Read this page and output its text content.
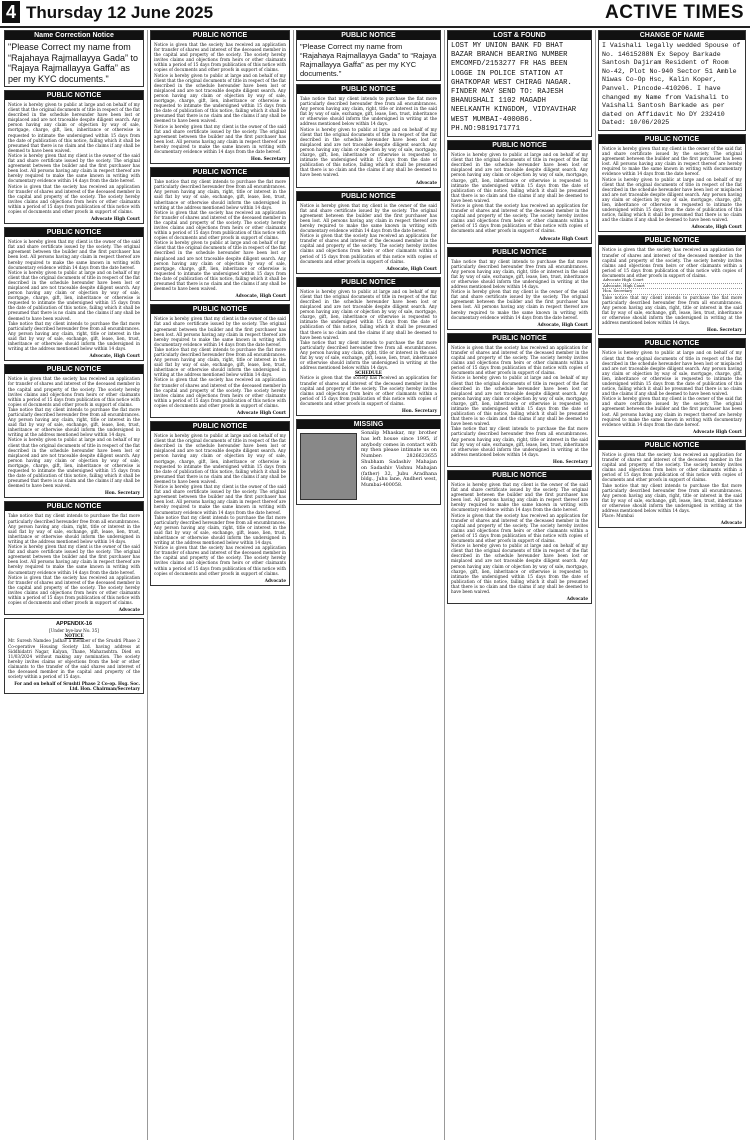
4 Thursday 12 June 2025	ACTIVE TIMES
Name Correction Notice
"Please Correct my name from “Rajahaya Rajmallayya Gada” to “Rajaya Rajmallayya Gaffa” as per my KYC documents."
PUBLIC NOTICE
Notice is hereby given to public at large and on behalf of my client that the original documents of title in respect of the flat described in the schedule hereunder have been lost or misplaced and are not traceable despite diligent search. Any person having any claim or objection by way of sale, mortgage, charge, gift, lien, inheritance or otherwise is requested to intimate the undersigned within 15 days from the date of publication of this notice, failing which it shall be presumed that there is no claim and the claims if any shall be deemed to have been waived.
Notice is hereby given that my client is the owner of the said flat and share certificate issued by the society. The original agreement between the builder and the first purchaser has been lost. All persons having any claim in respect thereof are hereby required to make the same known in writing with documentary evidence within 14 days from the date hereof.
Notice is given that the society has received an application for transfer of shares and interest of the deceased member in the capital and property of the society. The society hereby invites claims and objections from heirs or other claimants within a period of 15 days from publication of this notice with copies of documents and other proofs in support of claims.
Advocate High Court
PUBLIC NOTICE
Notice is hereby given that my client is the owner of the said flat and share certificate issued by the society. The original agreement between the builder and the first purchaser has been lost. All persons having any claim in respect thereof are hereby required to make the same known in writing with documentary evidence within 14 days from the date hereof.
Notice is hereby given to public at large and on behalf of my client that the original documents of title in respect of the flat described in the schedule hereunder have been lost or misplaced and are not traceable despite diligent search. Any person having any claim or objection by way of sale, mortgage, charge, gift, lien, inheritance or otherwise is requested to intimate the undersigned within 15 days from the date of publication of this notice, failing which it shall be presumed that there is no claim and the claims if any shall be deemed to have been waived.
Take notice that my client intends to purchase the flat more particularly described hereunder free from all encumbrances. Any person having any claim, right, title or interest in the said flat by way of sale, exchange, gift, lease, lien, trust, inheritance or otherwise should inform the undersigned in writing at the address mentioned below within 14 days.
Advocate, High Court
PUBLIC NOTICE
Notice is given that the society has received an application for transfer of shares and interest of the deceased member in the capital and property of the society. The society hereby invites claims and objections from heirs or other claimants within a period of 15 days from publication of this notice with copies of documents and other proofs in support of claims.
Take notice that my client intends to purchase the flat more particularly described hereunder free from all encumbrances. Any person having any claim, right, title or interest in the said flat by way of sale, exchange, gift, lease, lien, trust, inheritance or otherwise should inform the undersigned in writing at the address mentioned below within 14 days.
Notice is hereby given to public at large and on behalf of my client that the original documents of title in respect of the flat described in the schedule hereunder have been lost or misplaced and are not traceable despite diligent search. Any person having any claim or objection by way of sale, mortgage, charge, gift, lien, inheritance or otherwise is requested to intimate the undersigned within 15 days from the date of publication of this notice, failing which it shall be presumed that there is no claim and the claims if any shall be deemed to have been waived.
Hon. Secretary
PUBLIC NOTICE
Take notice that my client intends to purchase the flat more particularly described hereunder free from all encumbrances. Any person having any claim, right, title or interest in the said flat by way of sale, exchange, gift, lease, lien, trust, inheritance or otherwise should inform the undersigned in writing at the address mentioned below within 14 days.
Notice is hereby given that my client is the owner of the said flat and share certificate issued by the society. The original agreement between the builder and the first purchaser has been lost. All persons having any claim in respect thereof are hereby required to make the same known in writing with documentary evidence within 14 days from the date hereof.
Notice is given that the society has received an application for transfer of shares and interest of the deceased member in the capital and property of the society. The society hereby invites claims and objections from heirs or other claimants within a period of 15 days from publication of this notice with copies of documents and other proofs in support of claims.
Advocate
APPENDIX-16
[Under bye-law No. 35]
NOTICE
Mr. Suresh Namdeo Jadhav a member of the Srushti Phase 2 Co-operative Housing Society Ltd. having address at Siddhidatri Nagar, Kalyan, Thane, Maharashtra. Died on 11/03/2024 without making any nomination. The society hereby invites claims or objections from the heir or other claimants to the transfer of the said shares and interest of the deceased member in the capital and property of the society within a period of 15 days.
For and on behalf of Srushti Phase 2 Co-op. Hsg. Soc. Ltd. Hon. Chairman/Secretary
PUBLIC NOTICE
Notice is given that the society has received an application for transfer of shares and interest of the deceased member in the capital and property of the society. The society hereby invites claims and objections from heirs or other claimants within a period of 15 days from publication of this notice with copies of documents and other proofs in support of claims.
Notice is hereby given to public at large and on behalf of my client that the original documents of title in respect of the flat described in the schedule hereunder have been lost or misplaced and are not traceable despite diligent search. Any person having any claim or objection by way of sale, mortgage, charge, gift, lien, inheritance or otherwise is requested to intimate the undersigned within 15 days from the date of publication of this notice, failing which it shall be presumed that there is no claim and the claims if any shall be deemed to have been waived.
Notice is hereby given that my client is the owner of the said flat and share certificate issued by the society. The original agreement between the builder and the first purchaser has been lost. All persons having any claim in respect thereof are hereby required to make the same known in writing with documentary evidence within 14 days from the date hereof.
Hon. Secretary
PUBLIC NOTICE
Take notice that my client intends to purchase the flat more particularly described hereunder free from all encumbrances. Any person having any claim, right, title or interest in the said flat by way of sale, exchange, gift, lease, lien, trust, inheritance or otherwise should inform the undersigned in writing at the address mentioned below within 14 days.
Notice is given that the society has received an application for transfer of shares and interest of the deceased member in the capital and property of the society. The society hereby invites claims and objections from heirs or other claimants within a period of 15 days from publication of this notice with copies of documents and other proofs in support of claims.
Notice is hereby given to public at large and on behalf of my client that the original documents of title in respect of the flat described in the schedule hereunder have been lost or misplaced and are not traceable despite diligent search. Any person having any claim or objection by way of sale, mortgage, charge, gift, lien, inheritance or otherwise is requested to intimate the undersigned within 15 days from the date of publication of this notice, failing which it shall be presumed that there is no claim and the claims if any shall be deemed to have been waived.
Advocate, High Court
PUBLIC NOTICE
Notice is hereby given that my client is the owner of the said flat and share certificate issued by the society. The original agreement between the builder and the first purchaser has been lost. All persons having any claim in respect thereof are hereby required to make the same known in writing with documentary evidence within 14 days from the date hereof.
Take notice that my client intends to purchase the flat more particularly described hereunder free from all encumbrances. Any person having any claim, right, title or interest in the said flat by way of sale, exchange, gift, lease, lien, trust, inheritance or otherwise should inform the undersigned in writing at the address mentioned below within 14 days.
Notice is given that the society has received an application for transfer of shares and interest of the deceased member in the capital and property of the society. The society hereby invites claims and objections from heirs or other claimants within a period of 15 days from publication of this notice with copies of documents and other proofs in support of claims.
Advocate High Court
PUBLIC NOTICE
Notice is hereby given to public at large and on behalf of my client that the original documents of title in respect of the flat described in the schedule hereunder have been lost or misplaced and are not traceable despite diligent search. Any person having any claim or objection by way of sale, mortgage, charge, gift, lien, inheritance or otherwise is requested to intimate the undersigned within 15 days from the date of publication of this notice, failing which it shall be presumed that there is no claim and the claims if any shall be deemed to have been waived.
Notice is hereby given that my client is the owner of the said flat and share certificate issued by the society. The original agreement between the builder and the first purchaser has been lost. All persons having any claim in respect thereof are hereby required to make the same known in writing with documentary evidence within 14 days from the date hereof.
Take notice that my client intends to purchase the flat more particularly described hereunder free from all encumbrances. Any person having any claim, right, title or interest in the said flat by way of sale, exchange, gift, lease, lien, trust, inheritance or otherwise should inform the undersigned in writing at the address mentioned below within 14 days.
Notice is given that the society has received an application for transfer of shares and interest of the deceased member in the capital and property of the society. The society hereby invites claims and objections from heirs or other claimants within a period of 15 days from publication of this notice with copies of documents and other proofs in support of claims.
Advocate
PUBLIC NOTICE
"Please Correct my name from “Rajahaya Rajmallayya Gada” to “Rajaya Rajmallayya Gaffa” as per my KYC documents."
PUBLIC NOTICE
Take notice that my client intends to purchase the flat more particularly described hereunder free from all encumbrances. Any person having any claim, right, title or interest in the said flat by way of sale, exchange, gift, lease, lien, trust, inheritance or otherwise should inform the undersigned in writing at the address mentioned below within 14 days.
Notice is hereby given to public at large and on behalf of my client that the original documents of title in respect of the flat described in the schedule hereunder have been lost or misplaced and are not traceable despite diligent search. Any person having any claim or objection by way of sale, mortgage, charge, gift, lien, inheritance or otherwise is requested to intimate the undersigned within 15 days from the date of publication of this notice, failing which it shall be presumed that there is no claim and the claims if any shall be deemed to have been waived.
Advocate
PUBLIC NOTICE
Notice is hereby given that my client is the owner of the said flat and share certificate issued by the society. The original agreement between the builder and the first purchaser has been lost. All persons having any claim in respect thereof are hereby required to make the same known in writing with documentary evidence within 14 days from the date hereof.
Notice is given that the society has received an application for transfer of shares and interest of the deceased member in the capital and property of the society. The society hereby invites claims and objections from heirs or other claimants within a period of 15 days from publication of this notice with copies of documents and other proofs in support of claims.
Advocate, High Court
PUBLIC NOTICE
Notice is hereby given to public at large and on behalf of my client that the original documents of title in respect of the flat described in the schedule hereunder have been lost or misplaced and are not traceable despite diligent search. Any person having any claim or objection by way of sale, mortgage, charge, gift, lien, inheritance or otherwise is requested to intimate the undersigned within 15 days from the date of publication of this notice, failing which it shall be presumed that there is no claim and the claims if any shall be deemed to have been waived.
Take notice that my client intends to purchase the flat more particularly described hereunder free from all encumbrances. Any person having any claim, right, title or interest in the said flat by way of sale, exchange, gift, lease, lien, trust, inheritance or otherwise should inform the undersigned in writing at the address mentioned below within 14 days.
SCHEDULE
Notice is given that the society has received an application for transfer of shares and interest of the deceased member in the capital and property of the society. The society hereby invites claims and objections from heirs or other claimants within a period of 15 days from publication of this notice with copies of documents and other proofs in support of claims.
Hon. Secretary
MISSING
Sonalip Mhaskar, my brother has left house since 1995, if anybody comes in contact with my then please intimate us on Number: 2826623655 Shubham Sadashiv Mahajan on Sadashiv Vishnu Mahajan (father) 32, Jubu Aradhana bldg., Juhu lane, Andheri west, Mumbai-400058.
LOST & FOUND
LOST MY UNION BANK FD BHAT BAZAR BRANCH BEARING NUMBER EMCOMFD/2153277 FR HAS BEEN LOGGE IN POLICE STATION AT GHATKOPAR WEST CHIRAG NAGAR. FINDER MAY SEND TO: RAJESH BHANUSHALI 1102 MAGADH NEELKANTH KINGDOM, VIDYAVIHAR WEST MUMBAI-400086. PH.NO:9819171771
PUBLIC NOTICE
Notice is hereby given to public at large and on behalf of my client that the original documents of title in respect of the flat described in the schedule hereunder have been lost or misplaced and are not traceable despite diligent search. Any person having any claim or objection by way of sale, mortgage, charge, gift, lien, inheritance or otherwise is requested to intimate the undersigned within 15 days from the date of publication of this notice, failing which it shall be presumed that there is no claim and the claims if any shall be deemed to have been waived.
Notice is given that the society has received an application for transfer of shares and interest of the deceased member in the capital and property of the society. The society hereby invites claims and objections from heirs or other claimants within a period of 15 days from publication of this notice with copies of documents and other proofs in support of claims.
Advocate High Court
PUBLIC NOTICE
Take notice that my client intends to purchase the flat more particularly described hereunder free from all encumbrances. Any person having any claim, right, title or interest in the said flat by way of sale, exchange, gift, lease, lien, trust, inheritance or otherwise should inform the undersigned in writing at the address mentioned below within 14 days.
Notice is hereby given that my client is the owner of the said flat and share certificate issued by the society. The original agreement between the builder and the first purchaser has been lost. All persons having any claim in respect thereof are hereby required to make the same known in writing with documentary evidence within 14 days from the date hereof.
Advocate, High Court
PUBLIC NOTICE
Notice is given that the society has received an application for transfer of shares and interest of the deceased member in the capital and property of the society. The society hereby invites claims and objections from heirs or other claimants within a period of 15 days from publication of this notice with copies of documents and other proofs in support of claims.
Notice is hereby given to public at large and on behalf of my client that the original documents of title in respect of the flat described in the schedule hereunder have been lost or misplaced and are not traceable despite diligent search. Any person having any claim or objection by way of sale, mortgage, charge, gift, lien, inheritance or otherwise is requested to intimate the undersigned within 15 days from the date of publication of this notice, failing which it shall be presumed that there is no claim and the claims if any shall be deemed to have been waived.
Take notice that my client intends to purchase the flat more particularly described hereunder free from all encumbrances. Any person having any claim, right, title or interest in the said flat by way of sale, exchange, gift, lease, lien, trust, inheritance or otherwise should inform the undersigned in writing at the address mentioned below within 14 days.
Hon. Secretary
PUBLIC NOTICE
Notice is hereby given that my client is the owner of the said flat and share certificate issued by the society. The original agreement between the builder and the first purchaser has been lost. All persons having any claim in respect thereof are hereby required to make the same known in writing with documentary evidence within 14 days from the date hereof.
Notice is given that the society has received an application for transfer of shares and interest of the deceased member in the capital and property of the society. The society hereby invites claims and objections from heirs or other claimants within a period of 15 days from publication of this notice with copies of documents and other proofs in support of claims.
Notice is hereby given to public at large and on behalf of my client that the original documents of title in respect of the flat described in the schedule hereunder have been lost or misplaced and are not traceable despite diligent search. Any person having any claim or objection by way of sale, mortgage, charge, gift, lien, inheritance or otherwise is requested to intimate the undersigned within 15 days from the date of publication of this notice, failing which it shall be presumed that there is no claim and the claims if any shall be deemed to have been waived.
Advocate
CHANGE OF NAME
I Vaishali legally wedded Spouse of No. 14615288N Ex Sepoy Barkade Santosh Dajiram Resident of Room No-42, Plot No-940 Sector 51 Amble Niwas Co-Op Hsc, Kalin Koper, Panvel. Pincode-410206. I have changed my Name from Vaishali to Vaishali Santosh Barkade as per dated on Affidavit No DY 232410 Dated: 10/06/2025
PUBLIC NOTICE
Notice is hereby given that my client is the owner of the said flat and share certificate issued by the society. The original agreement between the builder and the first purchaser has been lost. All persons having any claim in respect thereof are hereby required to make the same known in writing with documentary evidence within 14 days from the date hereof.
Notice is hereby given to public at large and on behalf of my client that the original documents of title in respect of the flat described in the schedule hereunder have been lost or misplaced and are not traceable despite diligent search. Any person having any claim or objection by way of sale, mortgage, charge, gift, lien, inheritance or otherwise is requested to intimate the undersigned within 15 days from the date of publication of this notice, failing which it shall be presumed that there is no claim and the claims if any shall be deemed to have been waived.
Advocate, High Court
PUBLIC NOTICE
Notice is given that the society has received an application for transfer of shares and interest of the deceased member in the capital and property of the society. The society hereby invites claims and objections from heirs or other claimants within a period of 15 days from publication of this notice with copies of documents and other proofs in support of claims.
Advocate High Court
Advocate, High Court
Hon. Secretary
Take notice that my client intends to purchase the flat more particularly described hereunder free from all encumbrances. Any person having any claim, right, title or interest in the said flat by way of sale, exchange, gift, lease, lien, trust, inheritance or otherwise should inform the undersigned in writing at the address mentioned below within 14 days.
Hon. Secretary
PUBLIC NOTICE
Notice is hereby given to public at large and on behalf of my client that the original documents of title in respect of the flat described in the schedule hereunder have been lost or misplaced and are not traceable despite diligent search. Any person having any claim or objection by way of sale, mortgage, charge, gift, lien, inheritance or otherwise is requested to intimate the undersigned within 15 days from the date of publication of this notice, failing which it shall be presumed that there is no claim and the claims if any shall be deemed to have been waived.
Notice is hereby given that my client is the owner of the said flat and share certificate issued by the society. The original agreement between the builder and the first purchaser has been lost. All persons having any claim in respect thereof are hereby required to make the same known in writing with documentary evidence within 14 days from the date hereof.
Advocate High Court
PUBLIC NOTICE
Notice is given that the society has received an application for transfer of shares and interest of the deceased member in the capital and property of the society. The society hereby invites claims and objections from heirs or other claimants within a period of 15 days from publication of this notice with copies of documents and other proofs in support of claims.
Take notice that my client intends to purchase the flat more particularly described hereunder free from all encumbrances. Any person having any claim, right, title or interest in the said flat by way of sale, exchange, gift, lease, lien, trust, inheritance or otherwise should inform the undersigned in writing at the address mentioned below within 14 days.
Place: Mumbai
Advocate
